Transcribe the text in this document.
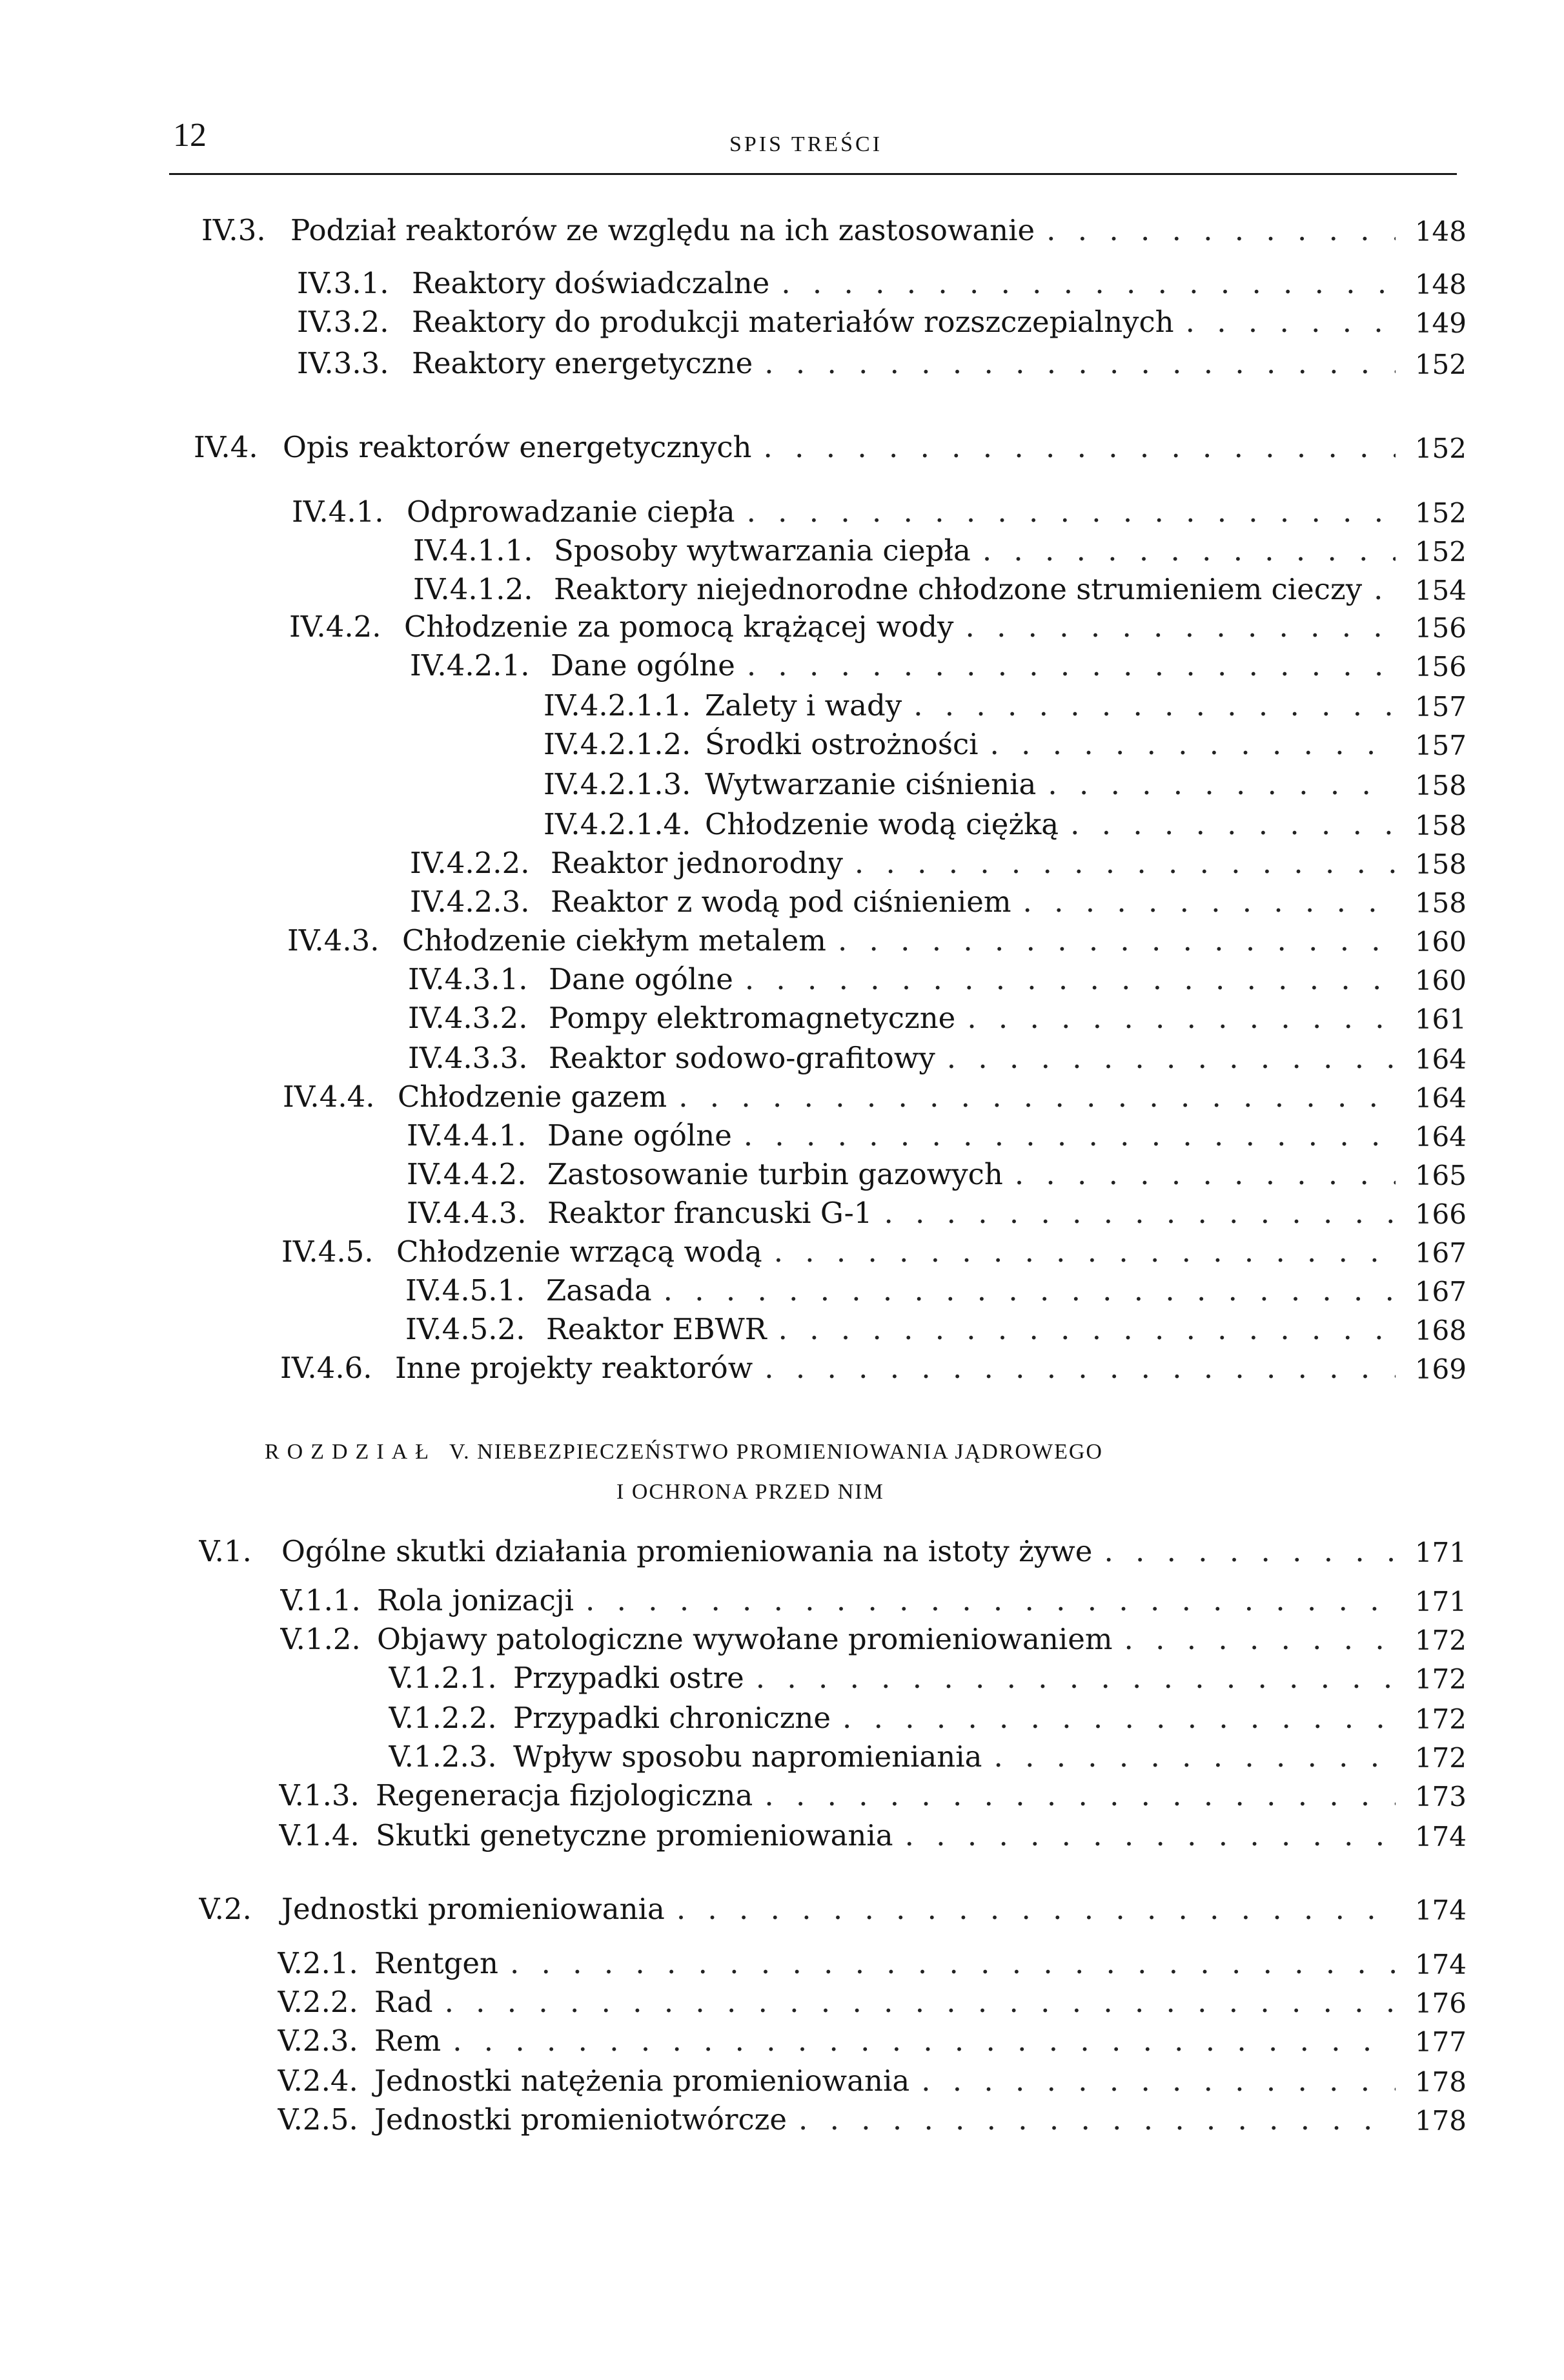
12	SPIS TREŚCI
ROZDZIAŁ V. NIEBEZPIECZEŃSTWO PROMIENIOWANIA JĄDROWEGO
I OCHRONA PRZED NIM
IV.3. Podział reaktorów ze względu na ich zastosowanie . . .	148
IV.3.1. Reaktory doświadczalne . . .	148
IV.3.2. Reaktory do produkcji materiałów rozszczepialnych . . .	149
IV.3.3. Reaktory energetyczne . . .	152
IV.4. Opis reaktorów energetycznych . . .	152
IV.4.1. Odprowadzanie ciepła . . .	152
IV.4.1.1. Sposoby wytwarzania ciepła . . .	152
IV.4.1.2. Reaktory niejednorodne chłodzone strumieniem cieczy . . .	154
IV.4.2. Chłodzenie za pomocą krążącej wody . . .	156
IV.4.2.1. Dane ogólne . . .	156
IV.4.2.1.1. Zalety i wady . . .	157
IV.4.2.1.2. Środki ostrożności . . .	157
IV.4.2.1.3. Wytwarzanie ciśnienia . . .	158
IV.4.2.1.4. Chłodzenie wodą ciężką . . .	158
IV.4.2.2. Reaktor jednorodny . . .	158
IV.4.2.3. Reaktor z wodą pod ciśnieniem . . .	158
IV.4.3. Chłodzenie ciekłym metalem . . .	160
IV.4.3.1. Dane ogólne . . .	160
IV.4.3.2. Pompy elektromagnetyczne . . .	161
IV.4.3.3. Reaktor sodowo-grafitowy . . .	164
IV.4.4. Chłodzenie gazem . . .	164
IV.4.4.1. Dane ogólne . . .	164
IV.4.4.2. Zastosowanie turbin gazowych . . .	165
IV.4.4.3. Reaktor francuski G-1 . . .	166
IV.4.5. Chłodzenie wrzącą wodą . . .	167
IV.4.5.1. Zasada . . .	167
IV.4.5.2. Reaktor EBWR . . .	168
IV.4.6. Inne projekty reaktorów . . .	169
V.1.	Ogólne skutki działania promieniowania na istoty żywe . . .	171
V.1.1. Rola jonizacji . . .	171
V.1.2. Objawy patologiczne wywołane promieniowaniem . . .	172
V.1.2.1. Przypadki ostre . . .	172
V.1.2.2. Przypadki chroniczne . . .	172
V.1.2.3. Wpływ sposobu napromieniania . . .	172
V.1.3. Regeneracja fizjologiczna . . .	173
V.1.4. Skutki genetyczne promieniowania . . .	174
V.2.	Jednostki promieniowania . . .	174
V.2.1. Rentgen . . .	174
V.2.2. Rad . . .	176
V.2.3. Rem . . .	177
V.2.4. Jednostki natężenia promieniowania . . .	178
V.2.5. Jednostki promieniotwórcze . . .	178
